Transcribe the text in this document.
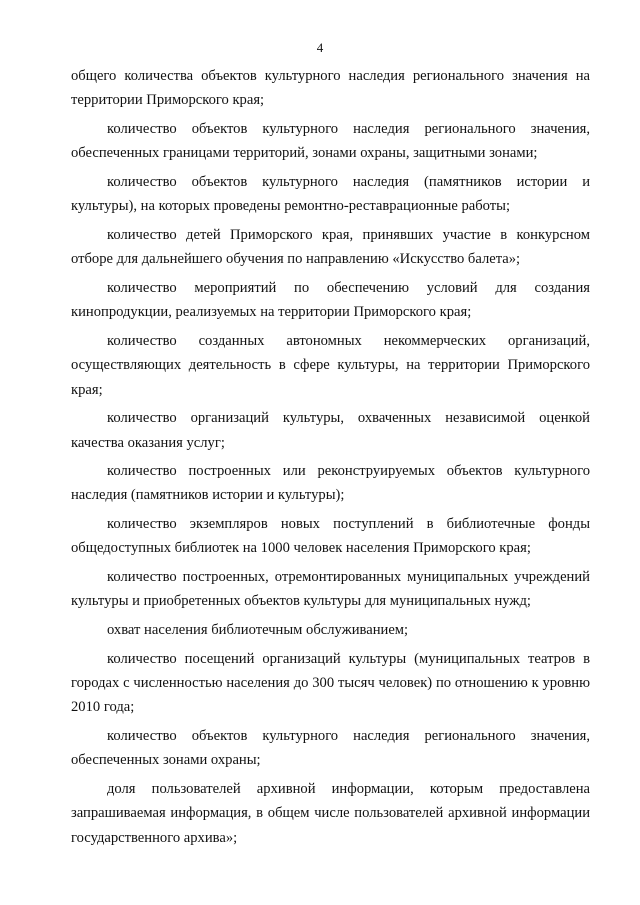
4

общего количества объектов культурного наследия регионального значения на территории Приморского края;

количество объектов культурного наследия регионального значения, обеспеченных границами территорий, зонами охраны, защитными зонами;

количество объектов культурного наследия (памятников истории и культуры), на которых проведены ремонтно-реставрационные работы;

количество детей Приморского края, принявших участие в конкурсном отборе для дальнейшего обучения по направлению «Искусство балета»;

количество мероприятий по обеспечению условий для создания кинопродукции, реализуемых на территории Приморского края;

количество созданных автономных некоммерческих организаций, осуществляющих деятельность в сфере культуры, на территории Приморского края;

количество организаций культуры, охваченных независимой оценкой качества оказания услуг;

количество построенных или реконструируемых объектов культурного наследия (памятников истории и культуры);

количество экземпляров новых поступлений в библиотечные фонды общедоступных библиотек на 1000 человек населения Приморского края;

количество построенных, отремонтированных муниципальных учреждений культуры и приобретенных объектов культуры для муниципальных нужд;

охват населения библиотечным обслуживанием;

количество посещений организаций культуры (муниципальных театров в городах с численностью населения до 300 тысяч человек) по отношению к уровню 2010 года;

количество объектов культурного наследия регионального значения, обеспеченных зонами охраны;

доля пользователей архивной информации, которым предоставлена запрашиваемая информация, в общем числе пользователей архивной информации государственного архива»;
